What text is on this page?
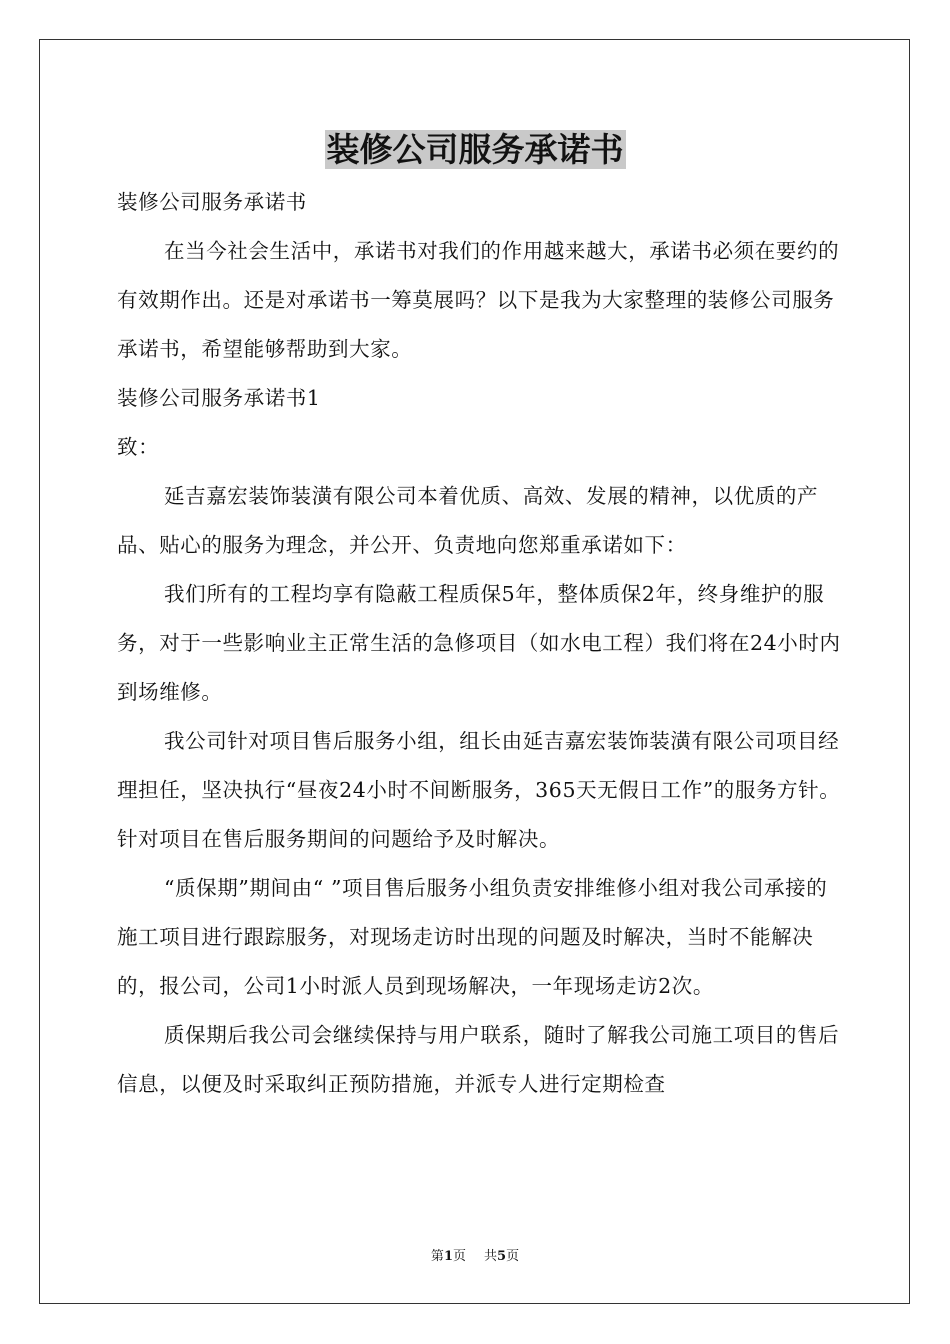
装修公司服务承诺书

装修公司服务承诺书

在当今社会生活中，承诺书对我们的作用越来越大，承诺书必须在要约的有效期作出。还是对承诺书一筹莫展吗？以下是我为大家整理的装修公司服务承诺书，希望能够帮助到大家。

装修公司服务承诺书1

致：

延吉嘉宏装饰装潢有限公司本着优质、高效、发展的精神，以优质的产品、贴心的服务为理念，并公开、负责地向您郑重承诺如下：

我们所有的工程均享有隐蔽工程质保5年，整体质保2年，终身维护的服务，对于一些影响业主正常生活的急修项目（如水电工程）我们将在24小时内到场维修。

我公司针对项目售后服务小组，组长由延吉嘉宏装饰装潢有限公司项目经理担任，坚决执行“昼夜24小时不间断服务，365天无假日工作”的服务方针。针对项目在售后服务期间的问题给予及时解决。

“质保期”期间由“ ”项目售后服务小组负责安排维修小组对我公司承接的施工项目进行跟踪服务，对现场走访时出现的问题及时解决，当时不能解决的，报公司，公司1小时派人员到现场解决，一年现场走访2次。

质保期后我公司会继续保持与用户联系，随时了解我公司施工项目的售后信息，以便及时采取纠正预防措施，并派专人进行定期检查

第1页 共5页
